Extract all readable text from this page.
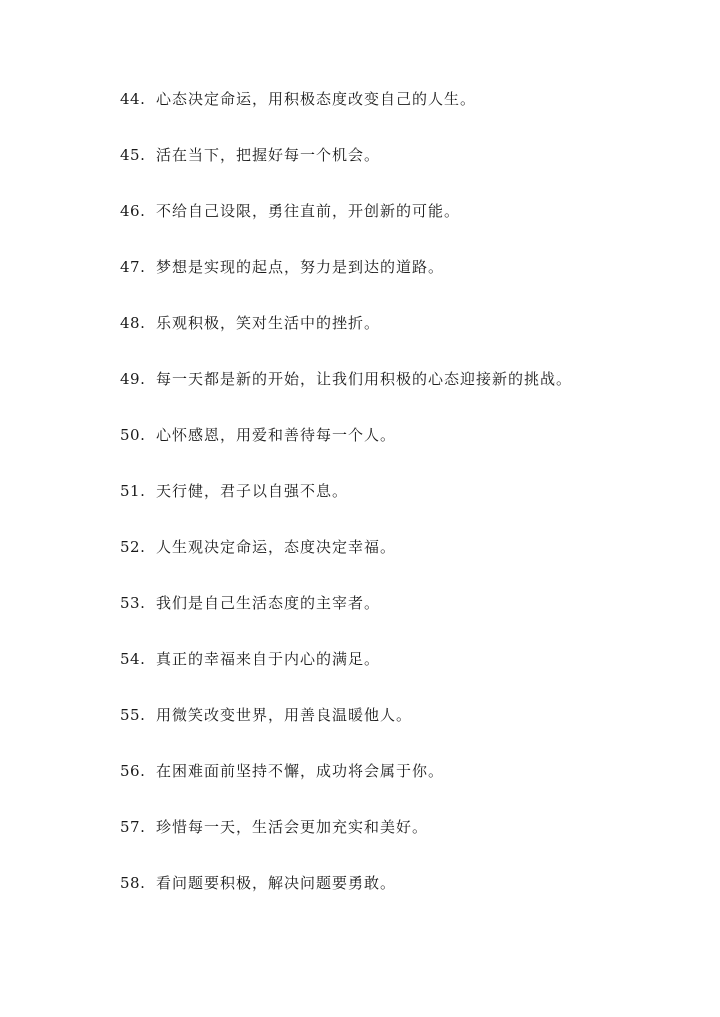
44. 心态决定命运，用积极态度改变自己的人生。
45. 活在当下，把握好每一个机会。
46. 不给自己设限，勇往直前，开创新的可能。
47. 梦想是实现的起点，努力是到达的道路。
48. 乐观积极，笑对生活中的挫折。
49. 每一天都是新的开始，让我们用积极的心态迎接新的挑战。
50. 心怀感恩，用爱和善待每一个人。
51. 天行健，君子以自强不息。
52. 人生观决定命运，态度决定幸福。
53. 我们是自己生活态度的主宰者。
54. 真正的幸福来自于内心的满足。
55. 用微笑改变世界，用善良温暖他人。
56. 在困难面前坚持不懈，成功将会属于你。
57. 珍惜每一天，生活会更加充实和美好。
58. 看问题要积极，解决问题要勇敢。
